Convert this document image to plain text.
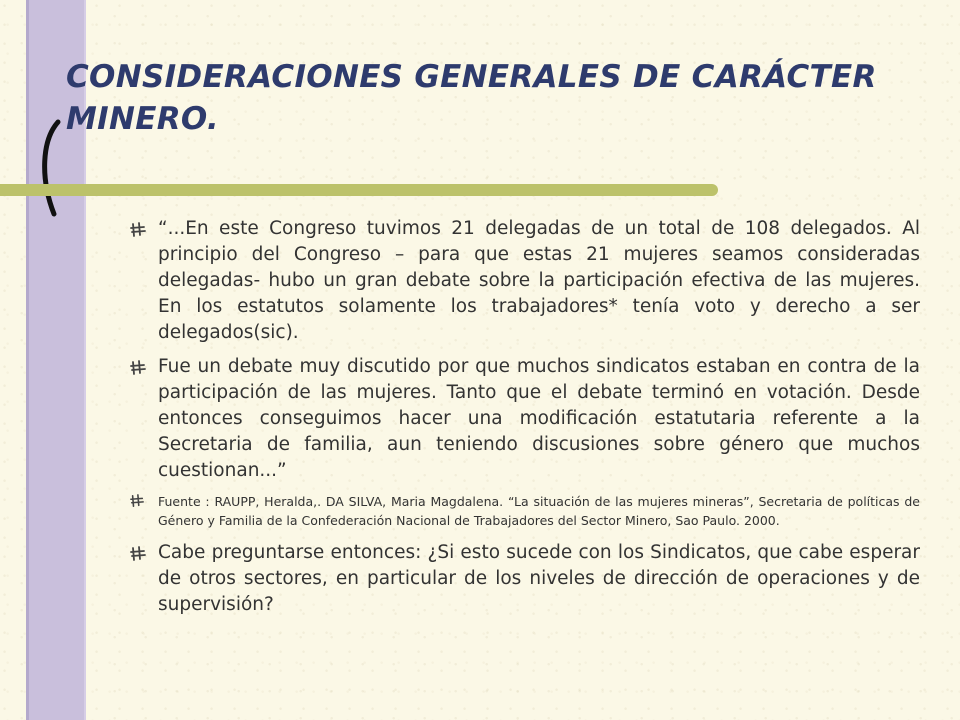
CONSIDERACIONES GENERALES DE CARÁCTER MINERO.
“...En este Congreso tuvimos 21 delegadas de un total de 108 delegados. Al principio del Congreso – para que estas 21 mujeres seamos consideradas delegadas- hubo un gran debate sobre la participación efectiva de las mujeres. En los estatutos solamente los trabajadores* tenía voto y derecho a ser delegados(sic).
Fue un debate muy discutido por que muchos sindicatos estaban en contra de la participación de las mujeres. Tanto que el debate terminó en votación. Desde entonces conseguimos hacer una modificación estatutaria referente a la Secretaria de familia, aun teniendo discusiones sobre género que muchos cuestionan...”
Fuente : RAUPP, Heralda,. DA SILVA, Maria Magdalena. “La situación de las mujeres mineras”, Secretaria de políticas de Género y Familia de la Confederación Nacional de Trabajadores del Sector Minero, Sao Paulo. 2000.
Cabe preguntarse entonces: ¿Si esto sucede con los Sindicatos, que cabe esperar de otros sectores, en particular de los niveles de dirección de operaciones y de supervisión?
